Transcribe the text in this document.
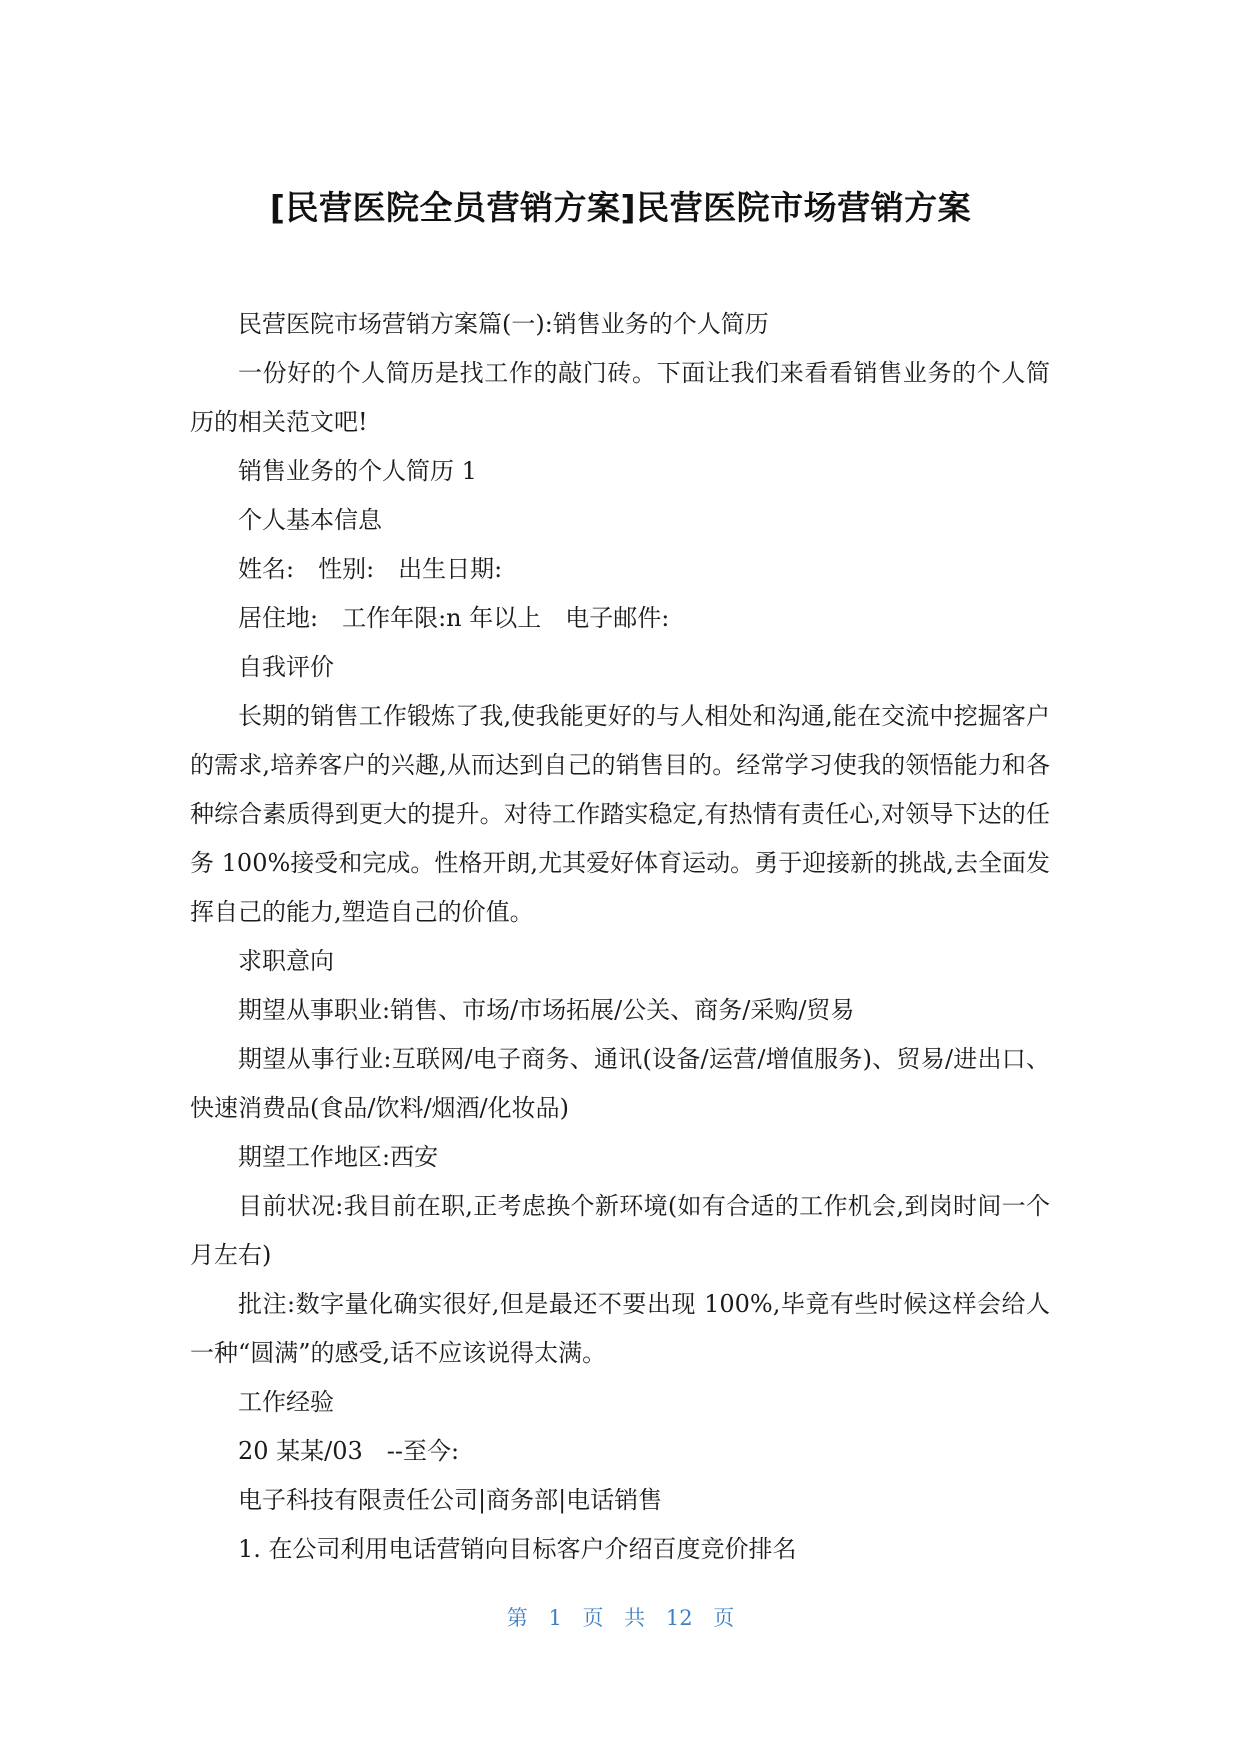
[民营医院全员营销方案]民营医院市场营销方案

民营医院市场营销方案篇(一):销售业务的个人简历

一份好的个人简历是找工作的敲门砖。下面让我们来看看销售业务的个人简历的相关范文吧!

销售业务的个人简历 1

个人基本信息

姓名:　性别:　出生日期:

居住地:　工作年限:n 年以上　电子邮件:

自我评价

长期的销售工作锻炼了我,使我能更好的与人相处和沟通,能在交流中挖掘客户的需求,培养客户的兴趣,从而达到自己的销售目的。经常学习使我的领悟能力和各种综合素质得到更大的提升。对待工作踏实稳定,有热情有责任心,对领导下达的任务 100%接受和完成。性格开朗,尤其爱好体育运动。勇于迎接新的挑战,去全面发挥自己的能力,塑造自己的价值。

求职意向

期望从事职业:销售、市场/市场拓展/公关、商务/采购/贸易

期望从事行业:互联网/电子商务、通讯(设备/运营/增值服务)、贸易/进出口、快速消费品(食品/饮料/烟酒/化妆品)

期望工作地区:西安

目前状况:我目前在职,正考虑换个新环境(如有合适的工作机会,到岗时间一个月左右)

批注:数字量化确实很好,但是最还不要出现 100%,毕竟有些时候这样会给人一种“圆满”的感受,话不应该说得太满。

工作经验

20 某某/03　--至今:

电子科技有限责任公司|商务部|电话销售

1. 在公司利用电话营销向目标客户介绍百度竞价排名

第 1 页 共 12 页
